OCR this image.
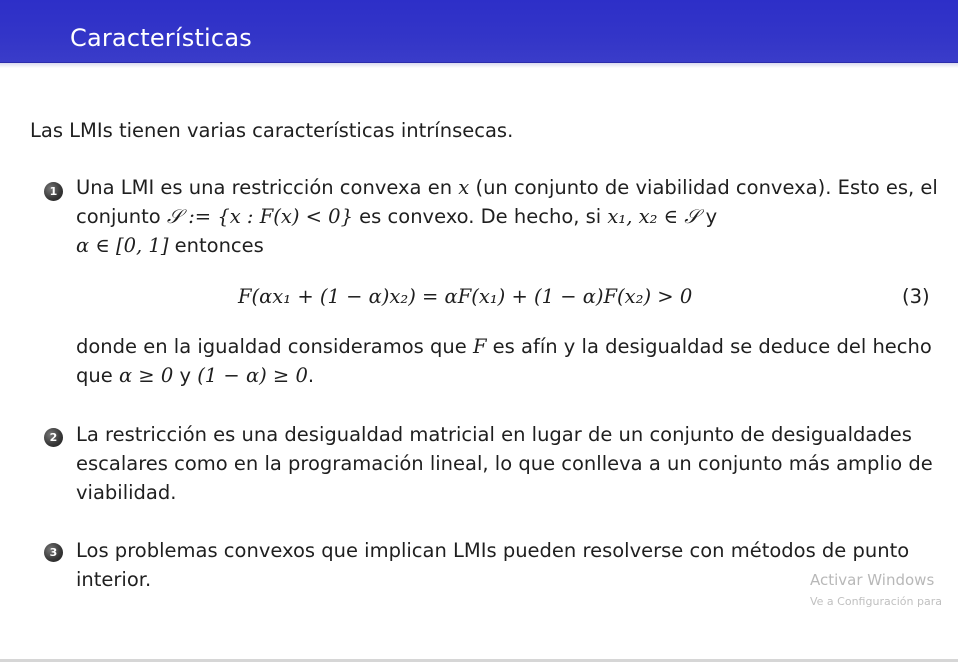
Características
Las LMIs tienen varias características intrínsecas.
1 Una LMI es una restricción convexa en x (un conjunto de viabilidad convexa). Esto es, el conjunto 𝒮 := {x : F(x) < 0} es convexo. De hecho, si x₁, x₂ ∈ 𝒮 y
α ∈ [0, 1] entonces
F(αx₁ + (1 − α)x₂) = αF(x₁) + (1 − α)F(x₂) > 0	(3)
donde en la igualdad consideramos que F es afín y la desigualdad se deduce del hecho que α ≥ 0 y (1 − α) ≥ 0.
2 La restricción es una desigualdad matricial en lugar de un conjunto de desigualdades escalares como en la programación lineal, lo que conlleva a un conjunto más amplio de viabilidad.
3 Los problemas convexos que implican LMIs pueden resolverse con métodos de punto interior.	Activar Windows
Ve a Configuración para
